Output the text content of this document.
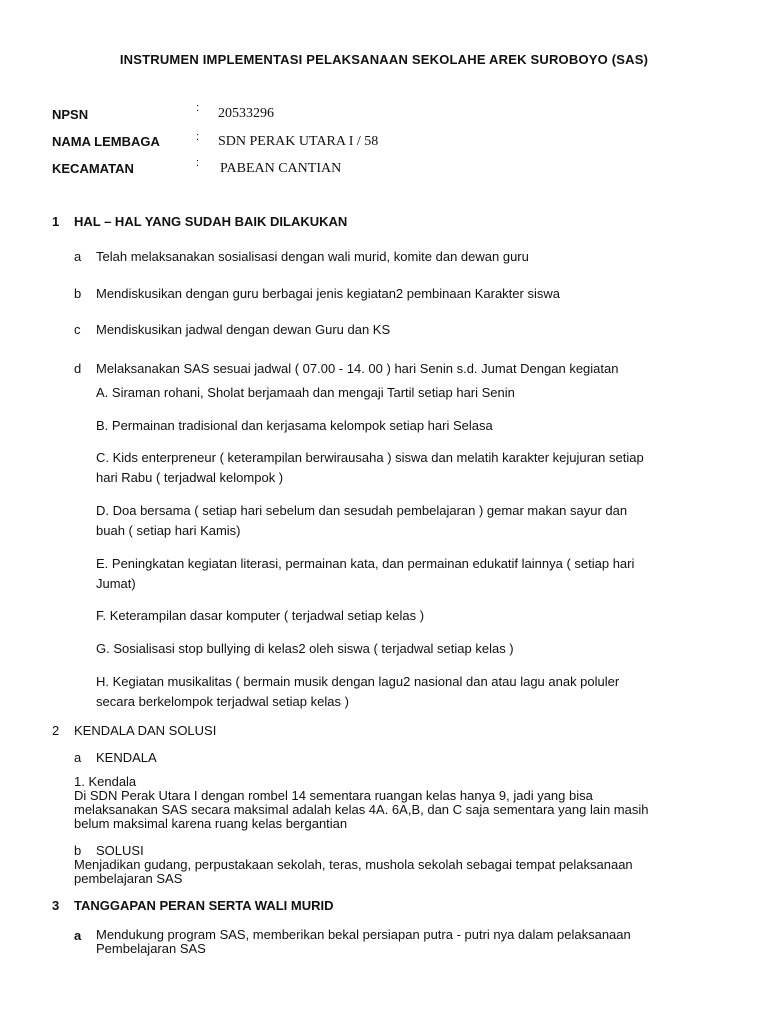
INSTRUMEN IMPLEMENTASI PELAKSANAAN SEKOLAHE AREK SUROBOYO (SAS)
NPSN	: 20533296
NAMA LEMBAGA	: SDN PERAK UTARA I / 58
KECAMATAN	: PABEAN CANTIAN
1 HAL – HAL YANG SUDAH BAIK DILAKUKAN
a Telah melaksanakan sosialisasi dengan wali murid, komite dan dewan guru
b Mendiskusikan dengan guru berbagai jenis kegiatan2 pembinaan Karakter siswa
c Mendiskusikan jadwal dengan dewan Guru dan KS
d Melaksanakan SAS sesuai jadwal ( 07.00 - 14. 00 ) hari Senin s.d. Jumat Dengan kegiatan
A. Siraman rohani, Sholat berjamaah dan mengaji Tartil setiap hari Senin
B. Permainan tradisional dan kerjasama kelompok setiap hari Selasa
C. Kids enterpreneur ( keterampilan berwirausaha ) siswa dan melatih karakter kejujuran setiap
hari Rabu ( terjadwal kelompok )
D. Doa bersama ( setiap hari sebelum dan sesudah pembelajaran ) gemar makan sayur dan
buah ( setiap hari Kamis)
E. Peningkatan kegiatan literasi, permainan kata, dan permainan edukatif lainnya ( setiap hari
Jumat)
F. Keterampilan dasar komputer ( terjadwal setiap kelas )
G. Sosialisasi stop bullying di kelas2 oleh siswa ( terjadwal setiap kelas )
H. Kegiatan musikalitas ( bermain musik dengan lagu2 nasional dan atau lagu anak poluler
secara berkelompok terjadwal setiap kelas )
2 KENDALA DAN SOLUSI
a KENDALA
1. Kendala
Di SDN Perak Utara I dengan rombel 14 sementara ruangan kelas hanya 9, jadi yang bisa
melaksanakan SAS secara maksimal adalah kelas 4A. 6A,B, dan C saja sementara yang lain masih
belum maksimal karena ruang kelas bergantian
b SOLUSI
Menjadikan gudang, perpustakaan sekolah, teras, mushola sekolah sebagai tempat pelaksanaan
pembelajaran SAS
3 TANGGAPAN PERAN SERTA WALI MURID
a Mendukung program SAS, memberikan bekal persiapan putra - putri nya dalam pelaksanaan
Pembelajaran SAS
